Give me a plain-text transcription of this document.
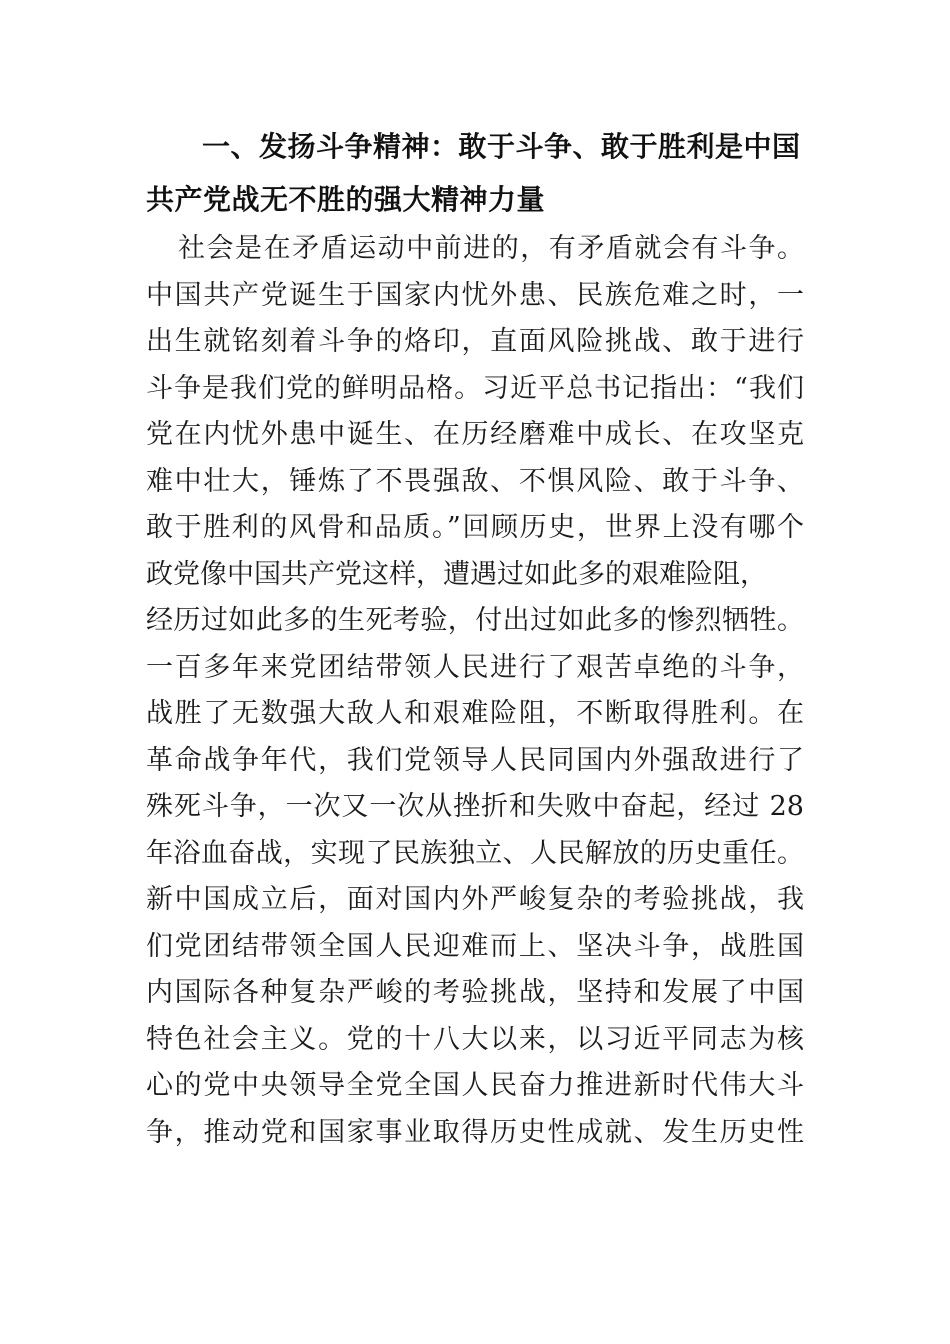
一、发扬斗争精神：敢于斗争、敢于胜利是中国共产党战无不胜的强大精神力量
社会是在矛盾运动中前进的，有矛盾就会有斗争。
中国共产党诞生于国家内忧外患、民族危难之时，一
出生就铭刻着斗争的烙印，直面风险挑战、敢于进行
斗争是我们党的鲜明品格。习近平总书记指出：“我们
党在内忧外患中诞生、在历经磨难中成长、在攻坚克
难中壮大，锤炼了不畏强敌、不惧风险、敢于斗争、
敢于胜利的风骨和品质。”回顾历史，世界上没有哪个
政党像中国共产党这样，遭遇过如此多的艰难险阻，
经历过如此多的生死考验，付出过如此多的惨烈牺牲。
一百多年来党团结带领人民进行了艰苦卓绝的斗争，
战胜了无数强大敌人和艰难险阻，不断取得胜利。在
革命战争年代，我们党领导人民同国内外强敌进行了
殊死斗争，一次又一次从挫折和失败中奋起，经过 28
年浴血奋战，实现了民族独立、人民解放的历史重任。
新中国成立后，面对国内外严峻复杂的考验挑战，我
们党团结带领全国人民迎难而上、坚决斗争，战胜国
内国际各种复杂严峻的考验挑战，坚持和发展了中国
特色社会主义。党的十八大以来，以习近平同志为核
心的党中央领导全党全国人民奋力推进新时代伟大斗
争，推动党和国家事业取得历史性成就、发生历史性
